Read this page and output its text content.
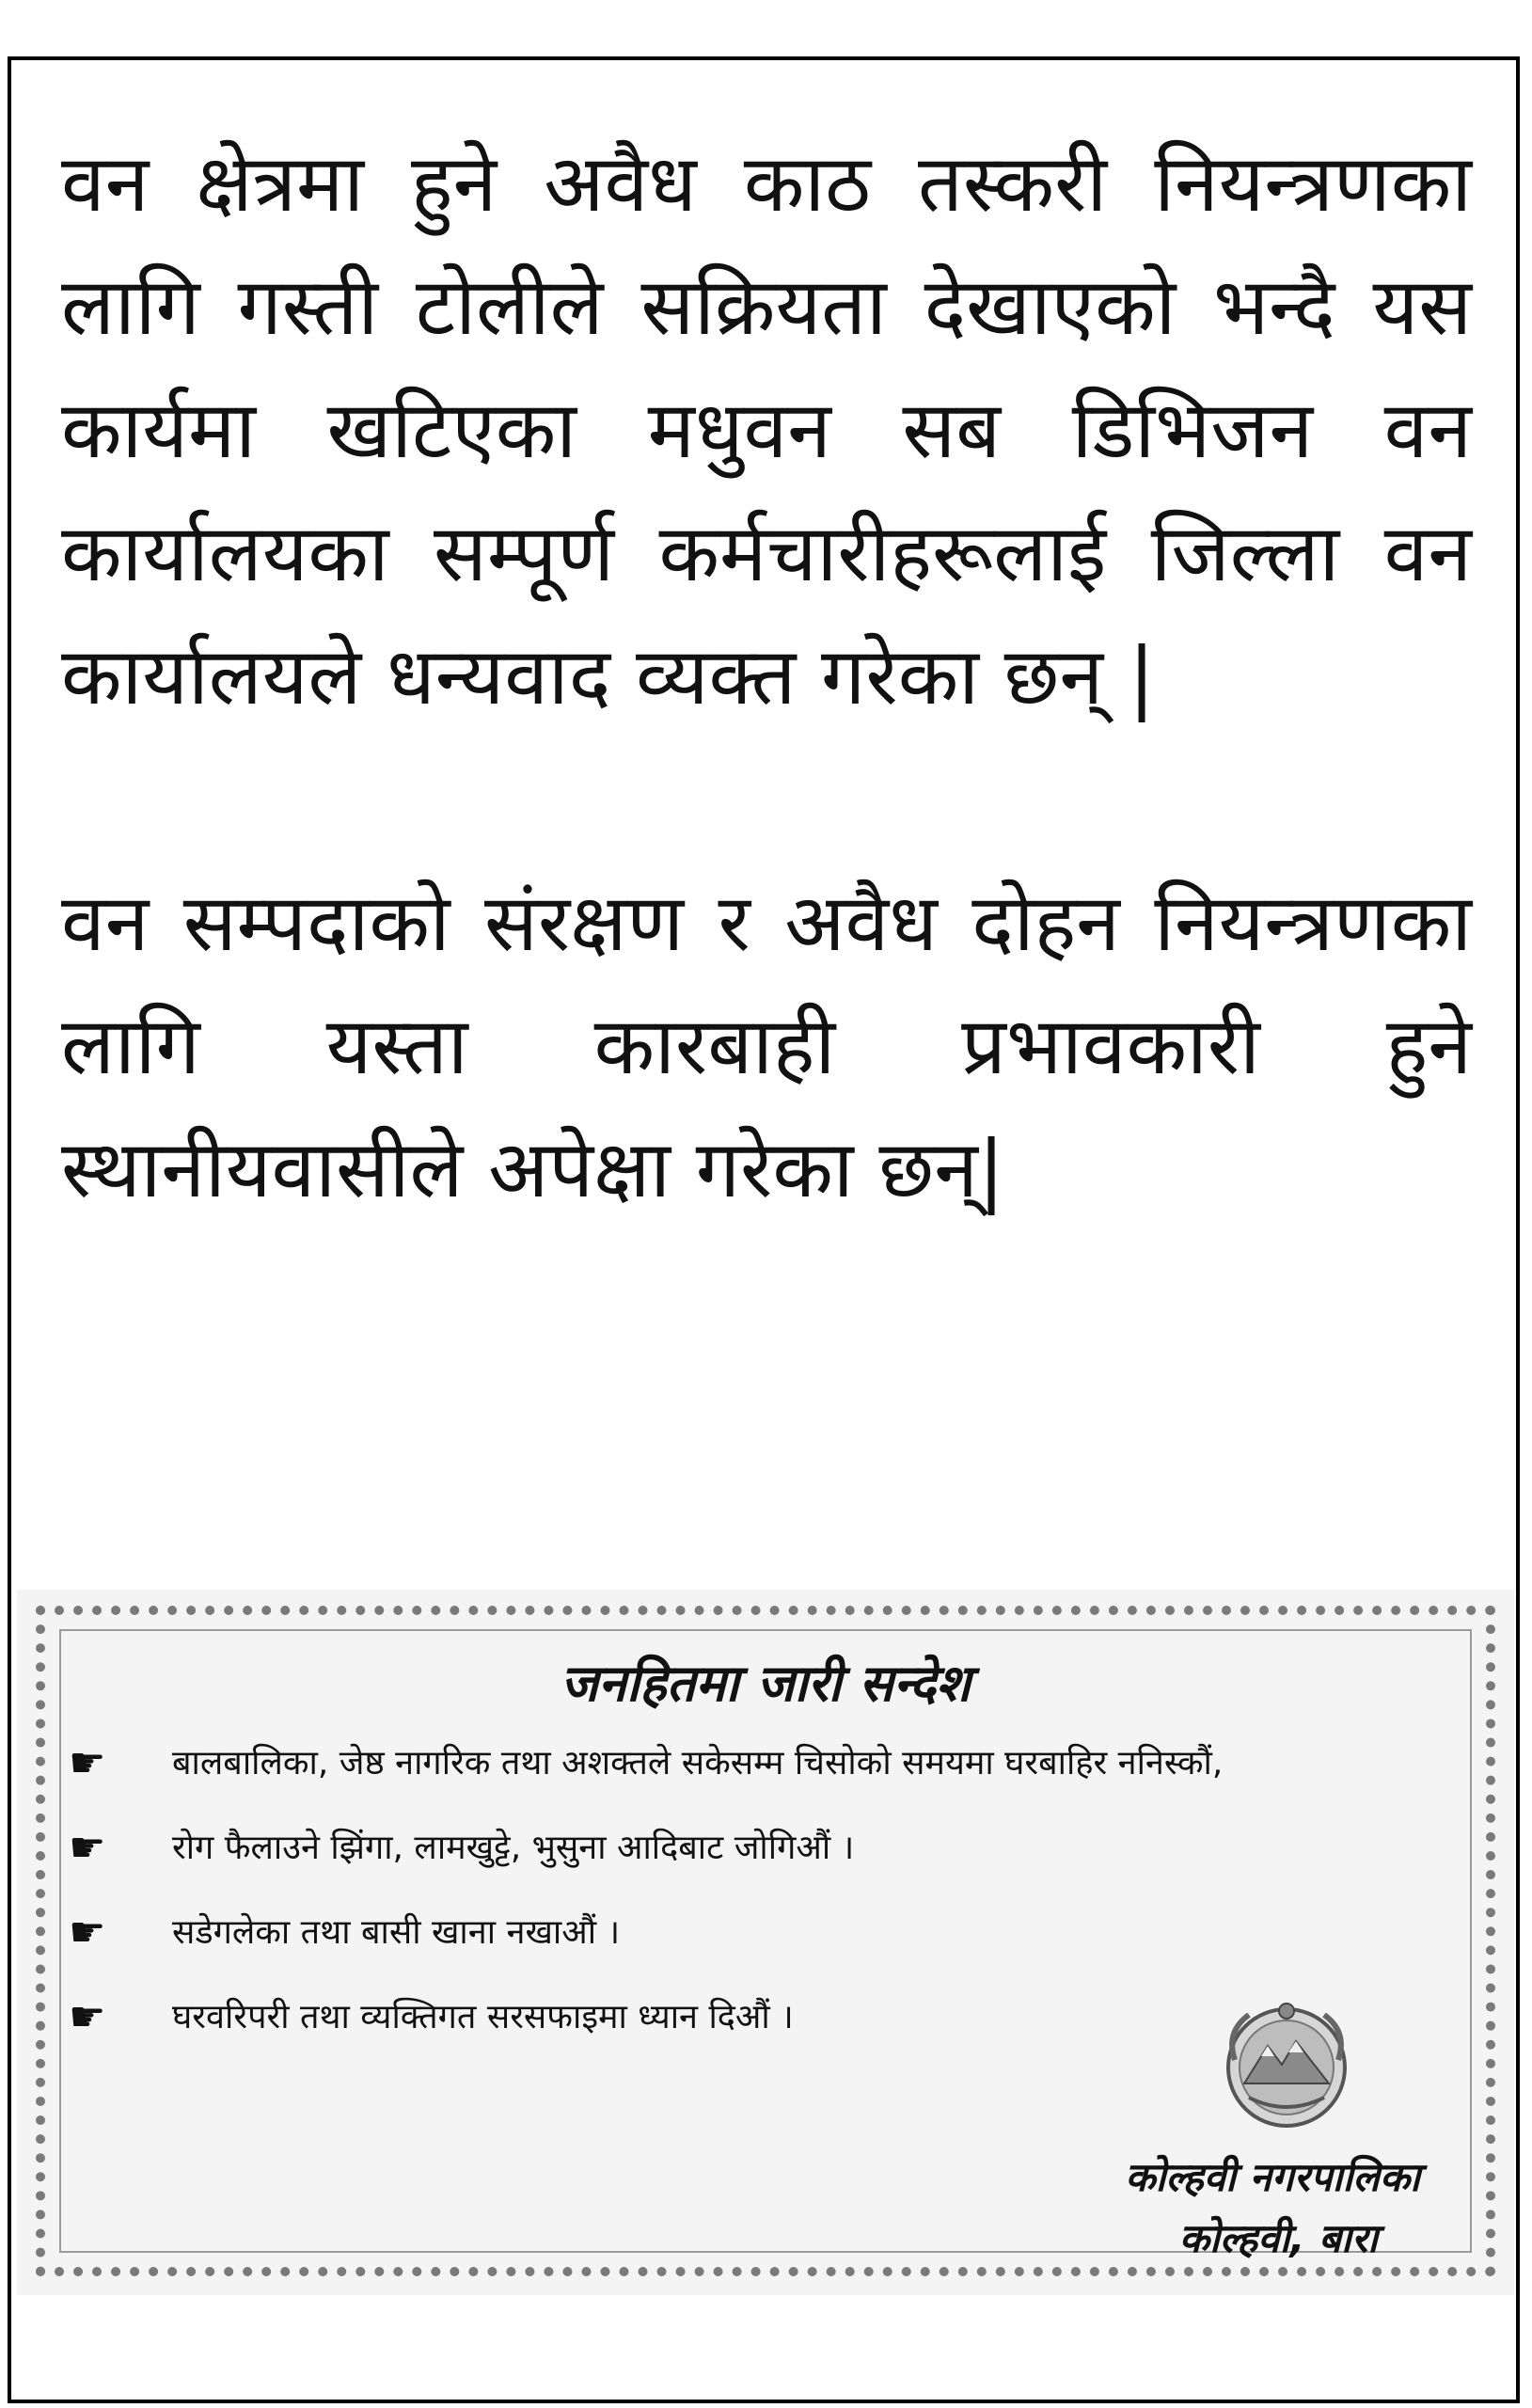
वन क्षेत्रमा हुने अवैध काठ तस्करी नियन्त्रणका लागि गस्ती टोलीले सक्रियता देखाएको भन्दै यस कार्यमा खटिएका मधुवन सब डिभिजन वन कार्यालयका सम्पूर्ण कर्मचारीहरूलाई जिल्ला वन कार्यालयले धन्यवाद व्यक्त गरेका छन् |

वन सम्पदाको संरक्षण र अवैध दोहन नियन्त्रणका लागि यस्ता कारबाही प्रभावकारी हुने स्थानीयवासीले अपेक्षा गरेका छन्|

जनहितमा जारी सन्देश
☛ बालबालिका, जेष्ठ नागरिक तथा अशक्तले सकेसम्म चिसोको समयमा घरबाहिर ननिस्कौं,
☛ रोग फैलाउने झिंगा, लामखुट्टे, भुसुना आदिबाट जोगिऔं ।
☛ सडेगलेका तथा बासी खाना नखाऔं ।
☛ घरवरिपरी तथा व्यक्तिगत सरसफाइमा ध्यान दिऔं ।
कोल्हवी नगरपालिका
कोल्हवी, बारा
